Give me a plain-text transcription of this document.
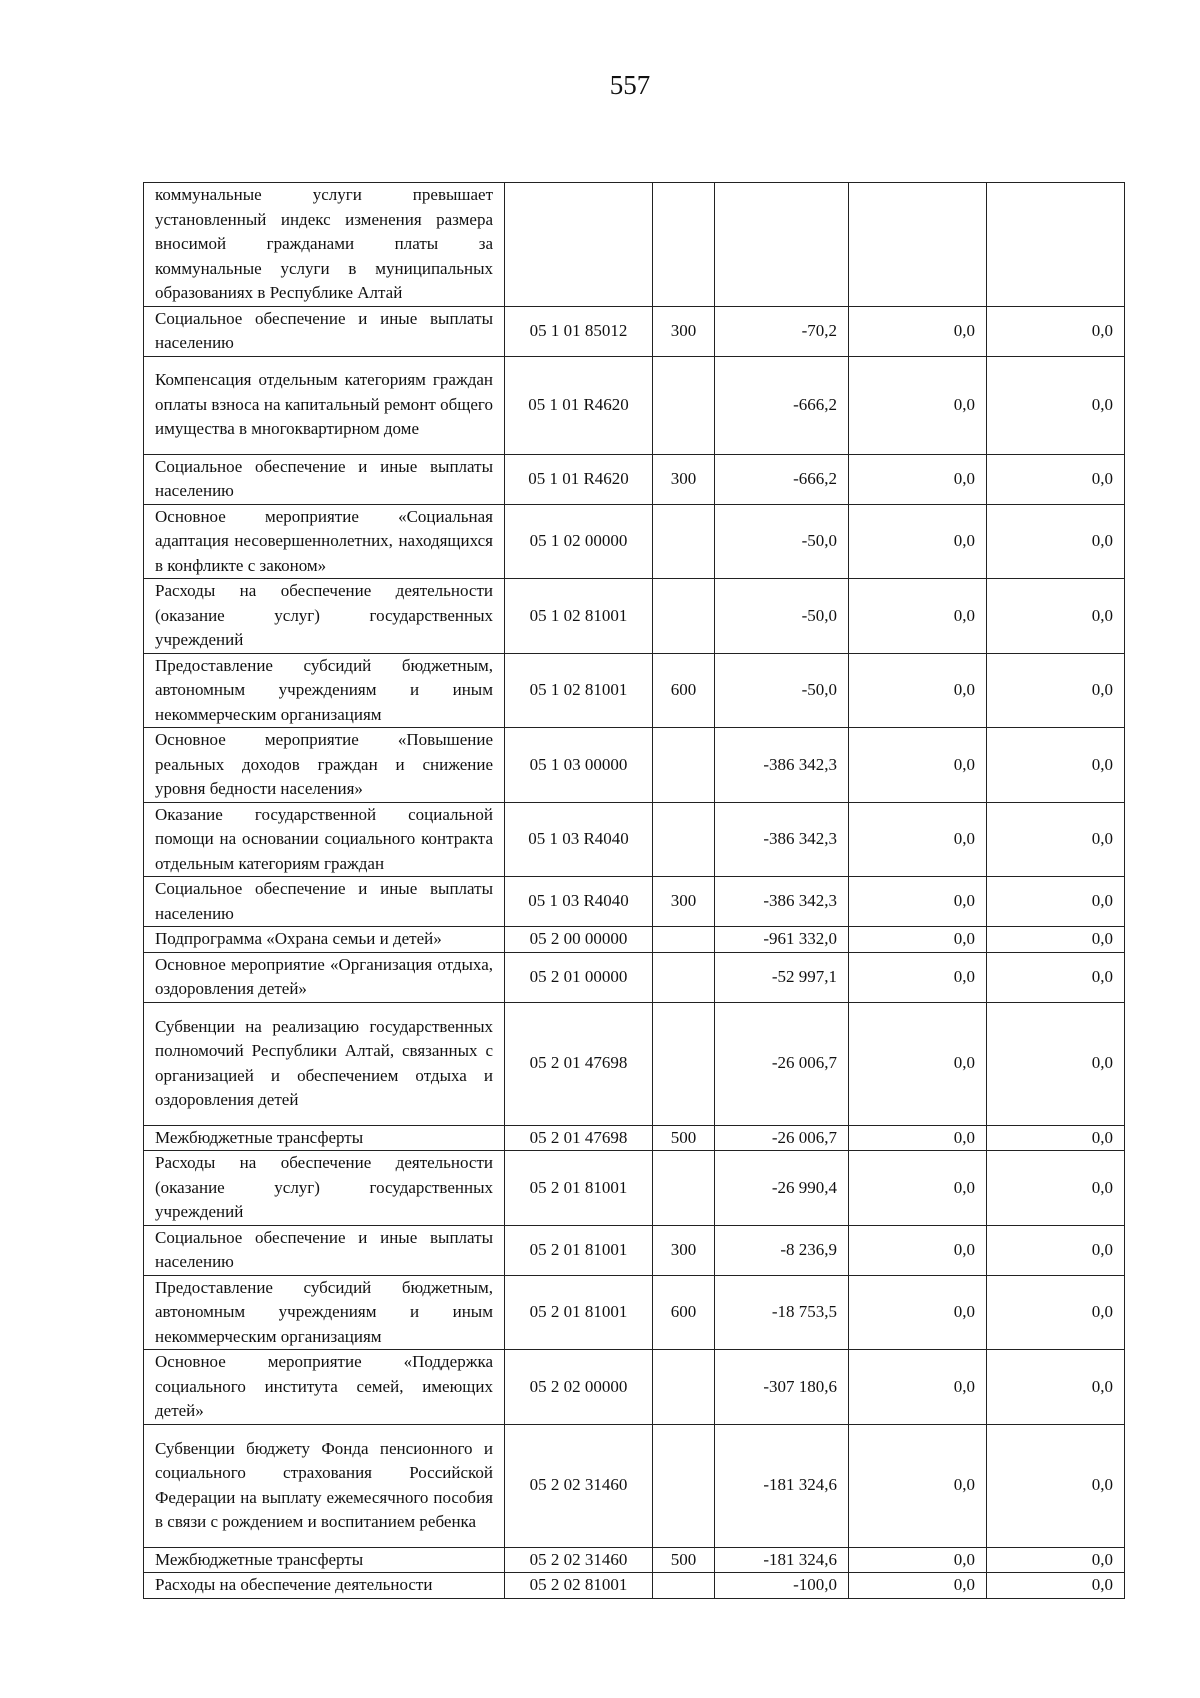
557
коммунальные услуги превышает установленный индекс изменения размера вносимой гражданами платы за коммунальные услуги в муниципальных образованиях в Республике Алтай					
Социальное обеспечение и иные выплаты населению	05 1 01 85012	300	-70,2	0,0	0,0
Компенсация отдельным категориям граждан оплаты взноса на капитальный ремонт общего имущества в многоквартирном доме	05 1 01 R4620		-666,2	0,0	0,0
Социальное обеспечение и иные выплаты населению	05 1 01 R4620	300	-666,2	0,0	0,0
Основное мероприятие «Социальная адаптация несовершеннолетних, находящихся в конфликте с законом»	05 1 02 00000		-50,0	0,0	0,0
Расходы на обеспечение деятельности (оказание услуг) государственных учреждений	05 1 02 81001		-50,0	0,0	0,0
Предоставление субсидий бюджетным, автономным учреждениям и иным некоммерческим организациям	05 1 02 81001	600	-50,0	0,0	0,0
Основное мероприятие «Повышение реальных доходов граждан и снижение уровня бедности населения»	05 1 03 00000		-386 342,3	0,0	0,0
Оказание государственной социальной помощи на основании социального контракта отдельным категориям граждан	05 1 03 R4040		-386 342,3	0,0	0,0
Социальное обеспечение и иные выплаты населению	05 1 03 R4040	300	-386 342,3	0,0	0,0
Подпрограмма «Охрана семьи и детей»	05 2 00 00000		-961 332,0	0,0	0,0
Основное мероприятие «Организация отдыха, оздоровления детей»	05 2 01 00000		-52 997,1	0,0	0,0
Субвенции на реализацию государственных полномочий Республики Алтай, связанных с организацией и обеспечением отдыха и оздоровления детей	05 2 01 47698		-26 006,7	0,0	0,0
Межбюджетные трансферты	05 2 01 47698	500	-26 006,7	0,0	0,0
Расходы на обеспечение деятельности (оказание услуг) государственных учреждений	05 2 01 81001		-26 990,4	0,0	0,0
Социальное обеспечение и иные выплаты населению	05 2 01 81001	300	-8 236,9	0,0	0,0
Предоставление субсидий бюджетным, автономным учреждениям и иным некоммерческим организациям	05 2 01 81001	600	-18 753,5	0,0	0,0
Основное мероприятие «Поддержка социального института семей, имеющих детей»	05 2 02 00000		-307 180,6	0,0	0,0
Субвенции бюджету Фонда пенсионного и социального страхования Российской Федерации на выплату ежемесячного пособия в связи с рождением и воспитанием ребенка	05 2 02 31460		-181 324,6	0,0	0,0
Межбюджетные трансферты	05 2 02 31460	500	-181 324,6	0,0	0,0
Расходы на обеспечение деятельности	05 2 02 81001		-100,0	0,0	0,0
